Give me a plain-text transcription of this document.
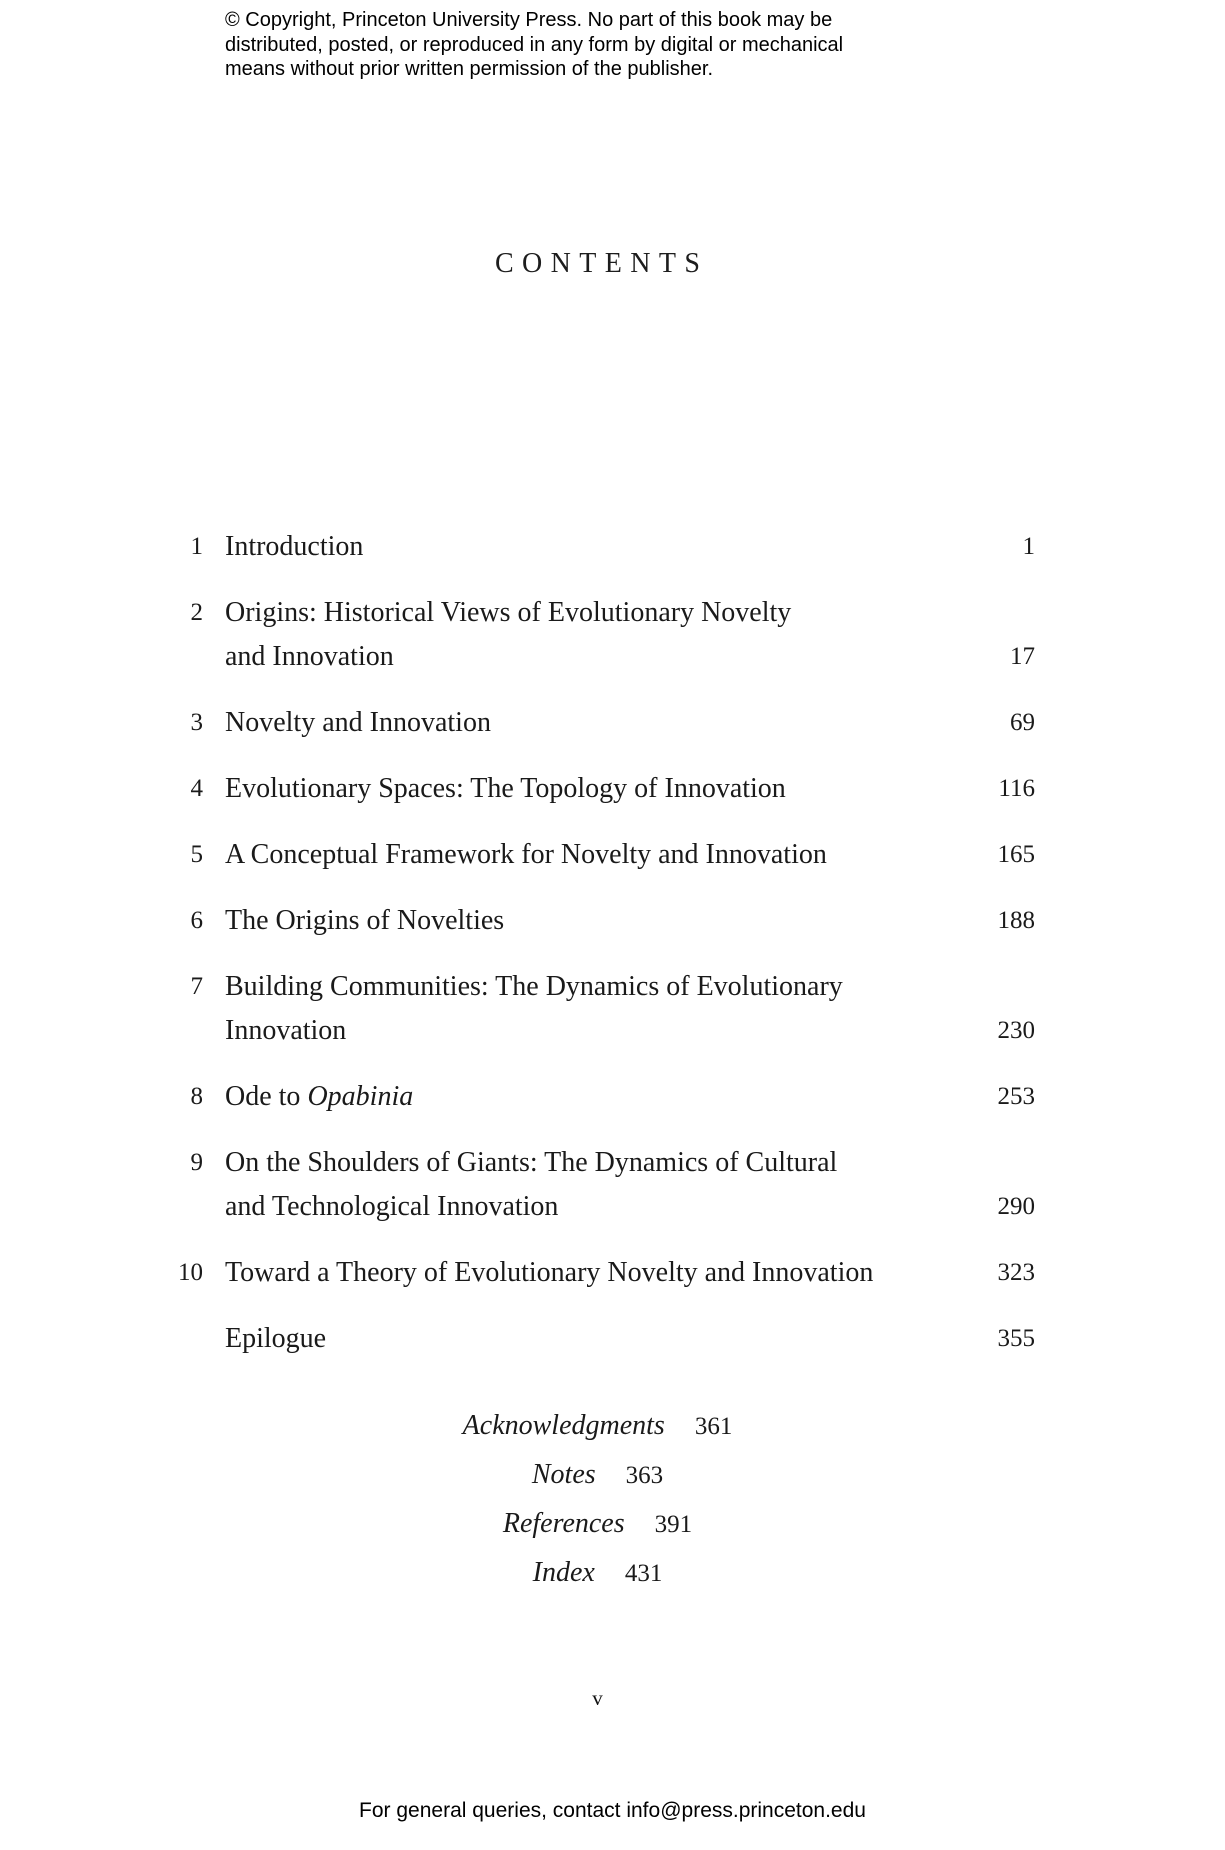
© Copyright, Princeton University Press. No part of this book may be
distributed, posted, or reproduced in any form by digital or mechanical
means without prior written permission of the publisher.
CONTENTS
1 Introduction	1
2 Origins: Historical Views of Evolutionary Novelty
and Innovation	17
3 Novelty and Innovation	69
4 Evolutionary Spaces: The Topology of Innovation	116
5 A Conceptual Framework for Novelty and Innovation	165
6 The Origins of Novelties	188
7 Building Communities: The Dynamics of Evolutionary
Innovation	230
8 Ode to Opabinia	253
9 On the Shoulders of Giants: The Dynamics of Cultural
and Technological Innovation	290
10 Toward a Theory of Evolutionary Novelty and Innovation	323
Epilogue	355
Acknowledgments 361
Notes 363
References 391
Index 431
v
For general queries, contact info@press.princeton.edu
